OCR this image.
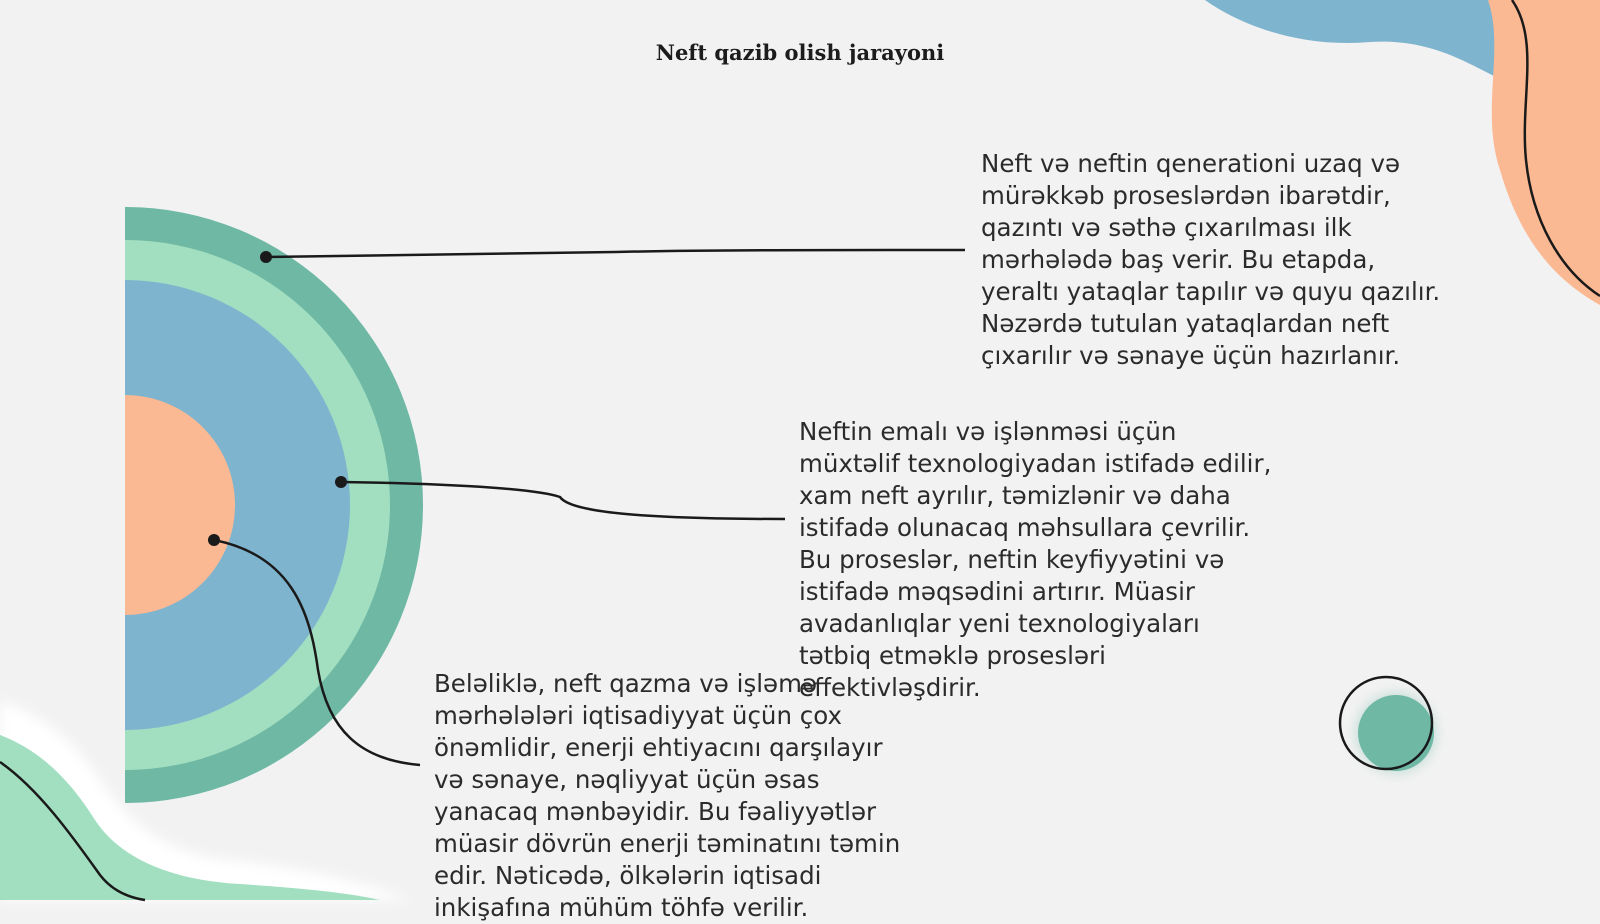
Neft qazib olish jarayoni

Neft və neftin qenerationi uzaq və
mürəkkəb proseslərdən ibarətdir,
qazıntı və səthə çıxarılması ilk
mərhələdə baş verir. Bu etapda,
yeraltı yataqlar tapılır və quyu qazılır.
Nəzərdə tutulan yataqlardan neft
çıxarılır və sənaye üçün hazırlanır.

Neftin emalı və işlənməsi üçün
müxtəlif texnologiyadan istifadə edilir,
xam neft ayrılır, təmizlənir və daha
istifadə olunacaq məhsullara çevrilir.
Bu proseslər, neftin keyfiyyətini və
istifadə məqsədini artırır. Müasir
avadanlıqlar yeni texnologiyaları
tətbiq etməklə prosesləri
effektivləşdirir.

Beləliklə, neft qazma və işləmə
mərhələləri iqtisadiyyat üçün çox
önəmlidir, enerji ehtiyacını qarşılayır
və sənaye, nəqliyyat üçün əsas
yanacaq mənbəyidir. Bu fəaliyyətlər
müasir dövrün enerji təminatını təmin
edir. Nəticədə, ölkələrin iqtisadi
inkişafına mühüm töhfə verilir.
